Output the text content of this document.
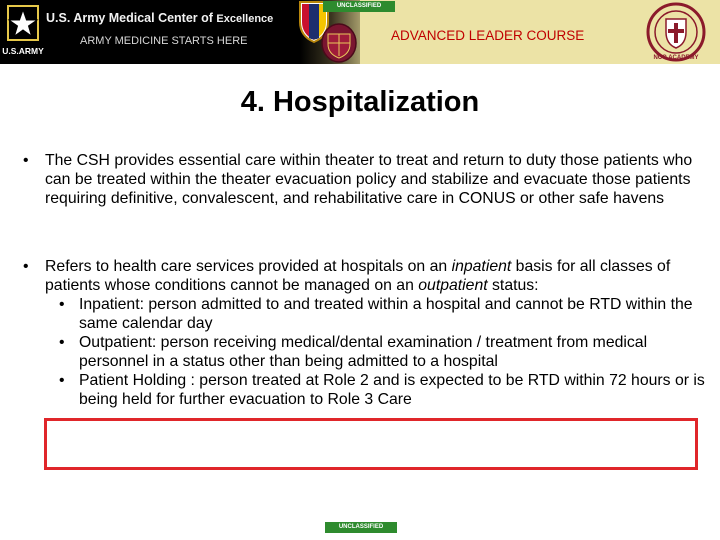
U.S.ARMY
U.S. Army Medical Center of Excellence
ARMY MEDICINE STARTS HERE
UNCLASSIFIED
ADVANCED LEADER COURSE
NCO ACADEMY
4. Hospitalization
• The CSH provides essential care within theater to treat and return to duty those patients who can be treated within the theater evacuation policy and stabilize and evacuate those patients requiring definitive, convalescent, and rehabilitative care in CONUS or other safe havens
• Refers to health care services provided at hospitals on an inpatient basis for all classes of patients whose conditions cannot be managed on an outpatient status:
• Inpatient: person admitted to and treated within a hospital and cannot be RTD within the same calendar day
• Outpatient: person receiving medical/dental examination / treatment from medical personnel in a status other than being admitted to a hospital
• Patient Holding : person treated at Role 2 and is expected to be RTD within 72 hours or is being held for further evacuation to Role 3 Care
UNCLASSIFIED
